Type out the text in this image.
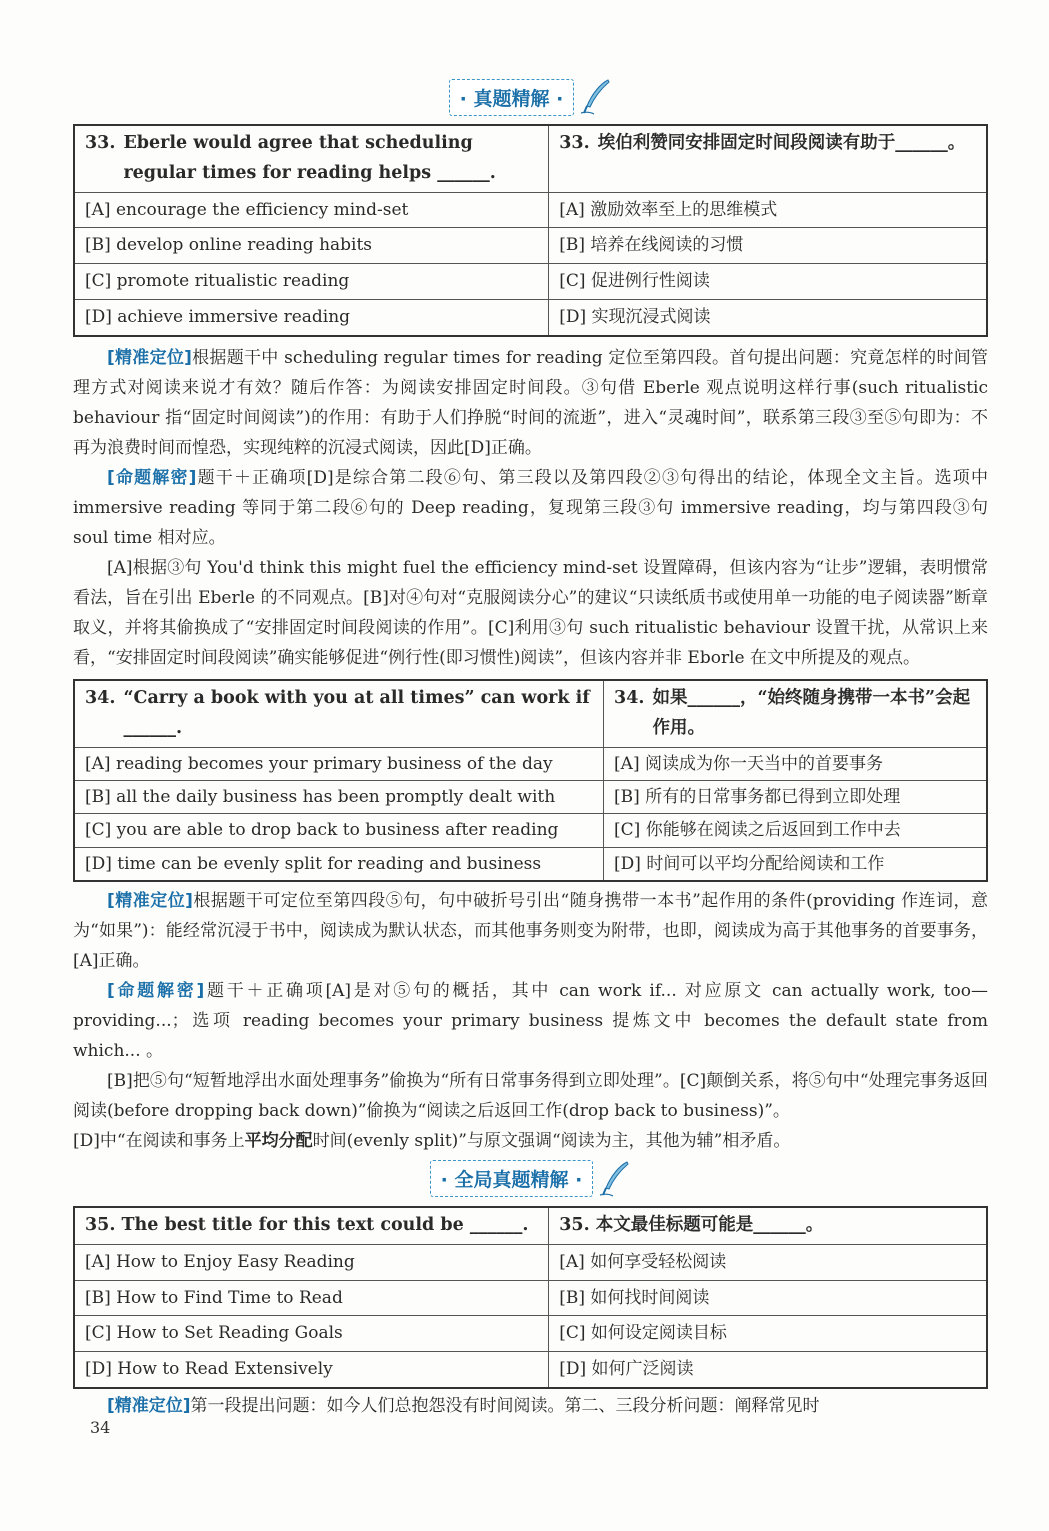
· 真题精解 ·
33. Eberle would agree that scheduling regular times for reading helps ______.	33. 埃伯利赞同安排固定时间段阅读有助于______。

[A] encourage the efficiency mind-set	[A] 激励效率至上的思维模式
[B] develop online reading habits	[B] 培养在线阅读的习惯
[C] promote ritualistic reading	[C] 促进例行性阅读
[D] achieve immersive reading	[D] 实现沉浸式阅读

[精准定位]根据题干中 scheduling regular times for reading 定位至第四段。首句提出问题：究竟怎样的时间管理方式对阅读来说才有效？随后作答：为阅读安排固定时间段。③句借 Eberle 观点说明这样行事(such ritualistic behaviour 指“固定时间阅读”)的作用：有助于人们挣脱“时间的流逝”，进入“灵魂时间”，联系第三段③至⑤句即为：不再为浪费时间而惶恐，实现纯粹的沉浸式阅读，因此[D]正确。

[命题解密]题干＋正确项[D]是综合第二段⑥句、第三段以及第四段②③句得出的结论，体现全文主旨。选项中 immersive reading 等同于第二段⑥句的 Deep reading，复现第三段③句 immersive reading，均与第四段③句 soul time 相对应。

[A]根据③句 You'd think this might fuel the efficiency mind-set 设置障碍，但该内容为“让步”逻辑，表明惯常看法，旨在引出 Eberle 的不同观点。[B]对④句对“克服阅读分心”的建议“只读纸质书或使用单一功能的电子阅读器”断章取义，并将其偷换成了“安排固定时间段阅读的作用”。[C]利用③句 such ritualistic behaviour 设置干扰，从常识上来看，“安排固定时间段阅读”确实能够促进“例行性(即习惯性)阅读”，但该内容并非 Eborle 在文中所提及的观点。

34. “Carry a book with you at all times” can work if ______.	34. 如果______，“始终随身携带一本书”会起作用。

[A] reading becomes your primary business of the day	[A] 阅读成为你一天当中的首要事务
[B] all the daily business has been promptly dealt with	[B] 所有的日常事务都已得到立即处理
[C] you are able to drop back to business after reading	[C] 你能够在阅读之后返回到工作中去
[D] time can be evenly split for reading and business	[D] 时间可以平均分配给阅读和工作

[精准定位]根据题干可定位至第四段⑤句，句中破折号引出“随身携带一本书”起作用的条件(providing 作连词，意为“如果”)：能经常沉浸于书中，阅读成为默认状态，而其他事务则变为附带，也即，阅读成为高于其他事务的首要事务，[A]正确。

[命题解密]题干＋正确项[A]是对⑤句的概括，其中 can work if... 对应原文 can actually work, too—providing...；选项 reading becomes your primary business 提炼文中 becomes the default state from which... 。

[B]把⑤句“短暂地浮出水面处理事务”偷换为“所有日常事务得到立即处理”。[C]颠倒关系，将⑤句中“处理完事务返回阅读(before dropping back down)”偷换为“阅读之后返回工作(drop back to business)”。

[D]中“在阅读和事务上平均分配时间(evenly split)”与原文强调“阅读为主，其他为辅”相矛盾。

· 全局真题精解 ·
35. The best title for this text could be ______.	35. 本文最佳标题可能是______。
[A] How to Enjoy Easy Reading	[A] 如何享受轻松阅读
[B] How to Find Time to Read	[B] 如何找时间阅读
[C] How to Set Reading Goals	[C] 如何设定阅读目标
[D] How to Read Extensively	[D] 如何广泛阅读

[精准定位]第一段提出问题：如今人们总抱怨没有时间阅读。第二、三段分析问题：阐释常见时

34
